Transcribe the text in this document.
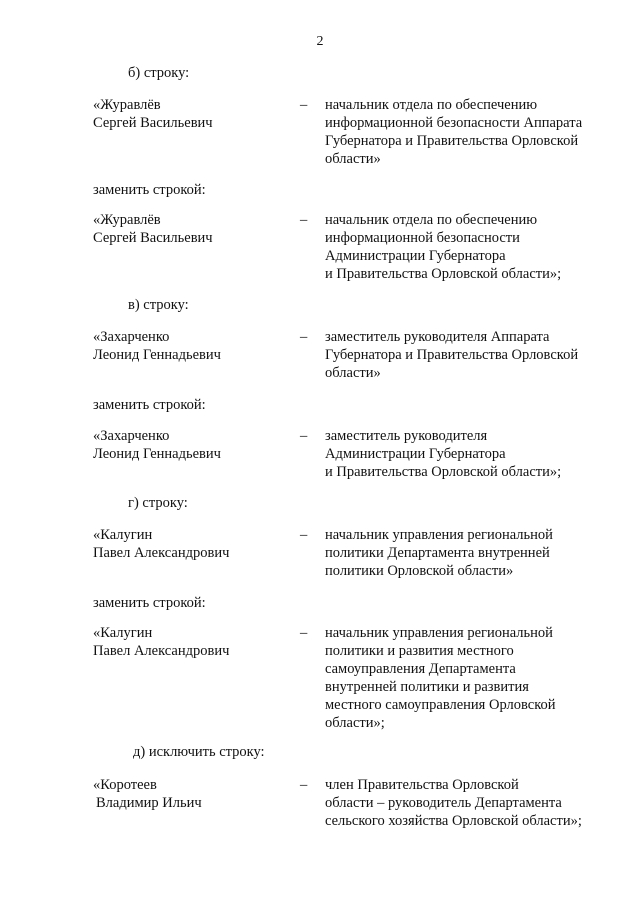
2
б) строку:
«Журавлёв
Сергей Васильевич
– начальник отдела по обеспечению
информационной безопасности Аппарата
Губернатора и Правительства Орловской
области»
заменить строкой:
«Журавлёв
Сергей Васильевич
– начальник отдела по обеспечению
информационной безопасности
Администрации Губернатора
и Правительства Орловской области»;
в) строку:
«Захарченко
Леонид Геннадьевич
– заместитель руководителя Аппарата
Губернатора и Правительства Орловской
области»
заменить строкой:
«Захарченко
Леонид Геннадьевич
– заместитель руководителя
Администрации Губернатора
и Правительства Орловской области»;
г) строку:
«Калугин
Павел Александрович
– начальник управления региональной
политики Департамента внутренней
политики Орловской области»
заменить строкой:
«Калугин
Павел Александрович
– начальник управления региональной
политики и развития местного
самоуправления Департамента
внутренней политики и развития
местного самоуправления Орловской
области»;
д) исключить строку:
«Коротеев
Владимир Ильич
– член Правительства Орловской
области – руководитель Департамента
сельского хозяйства Орловской области»;
